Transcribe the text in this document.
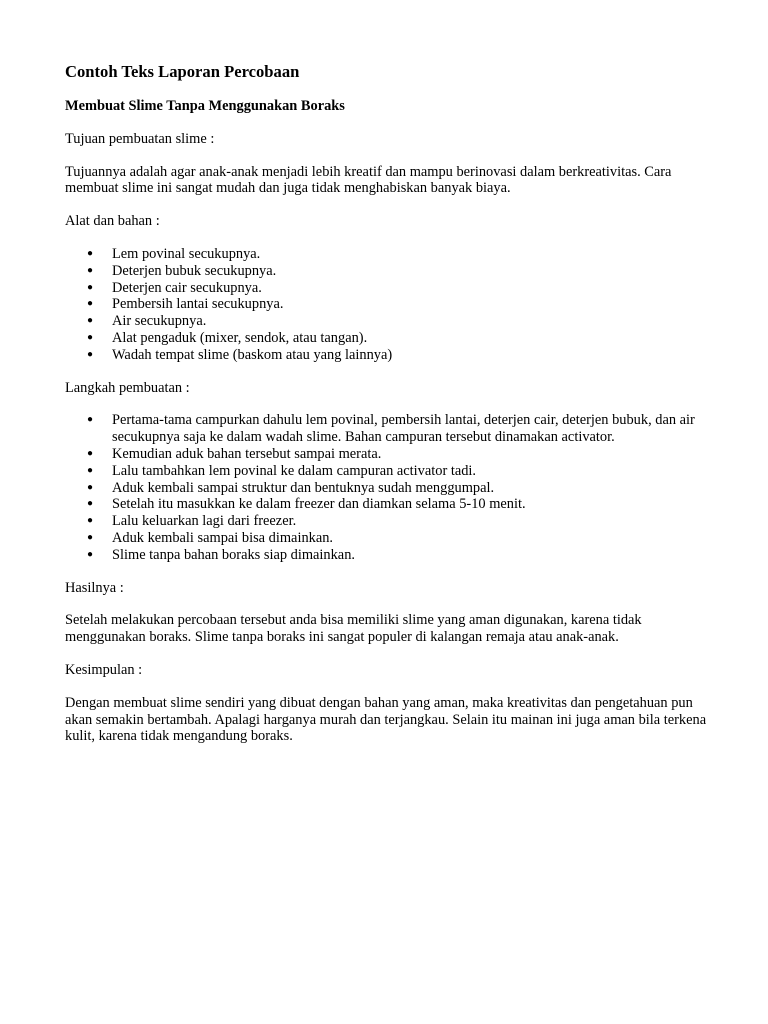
Contoh Teks Laporan Percobaan
Membuat Slime Tanpa Menggunakan Boraks

Tujuan pembuatan slime :

Tujuannya adalah agar anak-anak menjadi lebih kreatif dan mampu berinovasi dalam berkreativitas. Cara membuat slime ini sangat mudah dan juga tidak menghabiskan banyak biaya.

Alat dan bahan :

● Lem povinal secukupnya.
● Deterjen bubuk secukupnya.
● Deterjen cair secukupnya.
● Pembersih lantai secukupnya.
● Air secukupnya.
● Alat pengaduk (mixer, sendok, atau tangan).
● Wadah tempat slime (baskom atau yang lainnya)

Langkah pembuatan :

● Pertama-tama campurkan dahulu lem povinal, pembersih lantai, deterjen cair, deterjen bubuk, dan air secukupnya saja ke dalam wadah slime. Bahan campuran tersebut dinamakan activator.
● Kemudian aduk bahan tersebut sampai merata.
● Lalu tambahkan lem povinal ke dalam campuran activator tadi.
● Aduk kembali sampai struktur dan bentuknya sudah menggumpal.
● Setelah itu masukkan ke dalam freezer dan diamkan selama 5-10 menit.
● Lalu keluarkan lagi dari freezer.
● Aduk kembali sampai bisa dimainkan.
● Slime tanpa bahan boraks siap dimainkan.

Hasilnya :

Setelah melakukan percobaan tersebut anda bisa memiliki slime yang aman digunakan, karena tidak menggunakan boraks. Slime tanpa boraks ini sangat populer di kalangan remaja atau anak-anak.

Kesimpulan :

Dengan membuat slime sendiri yang dibuat dengan bahan yang aman, maka kreativitas dan pengetahuan pun akan semakin bertambah. Apalagi harganya murah dan terjangkau. Selain itu mainan ini juga aman bila terkena kulit, karena tidak mengandung boraks.
